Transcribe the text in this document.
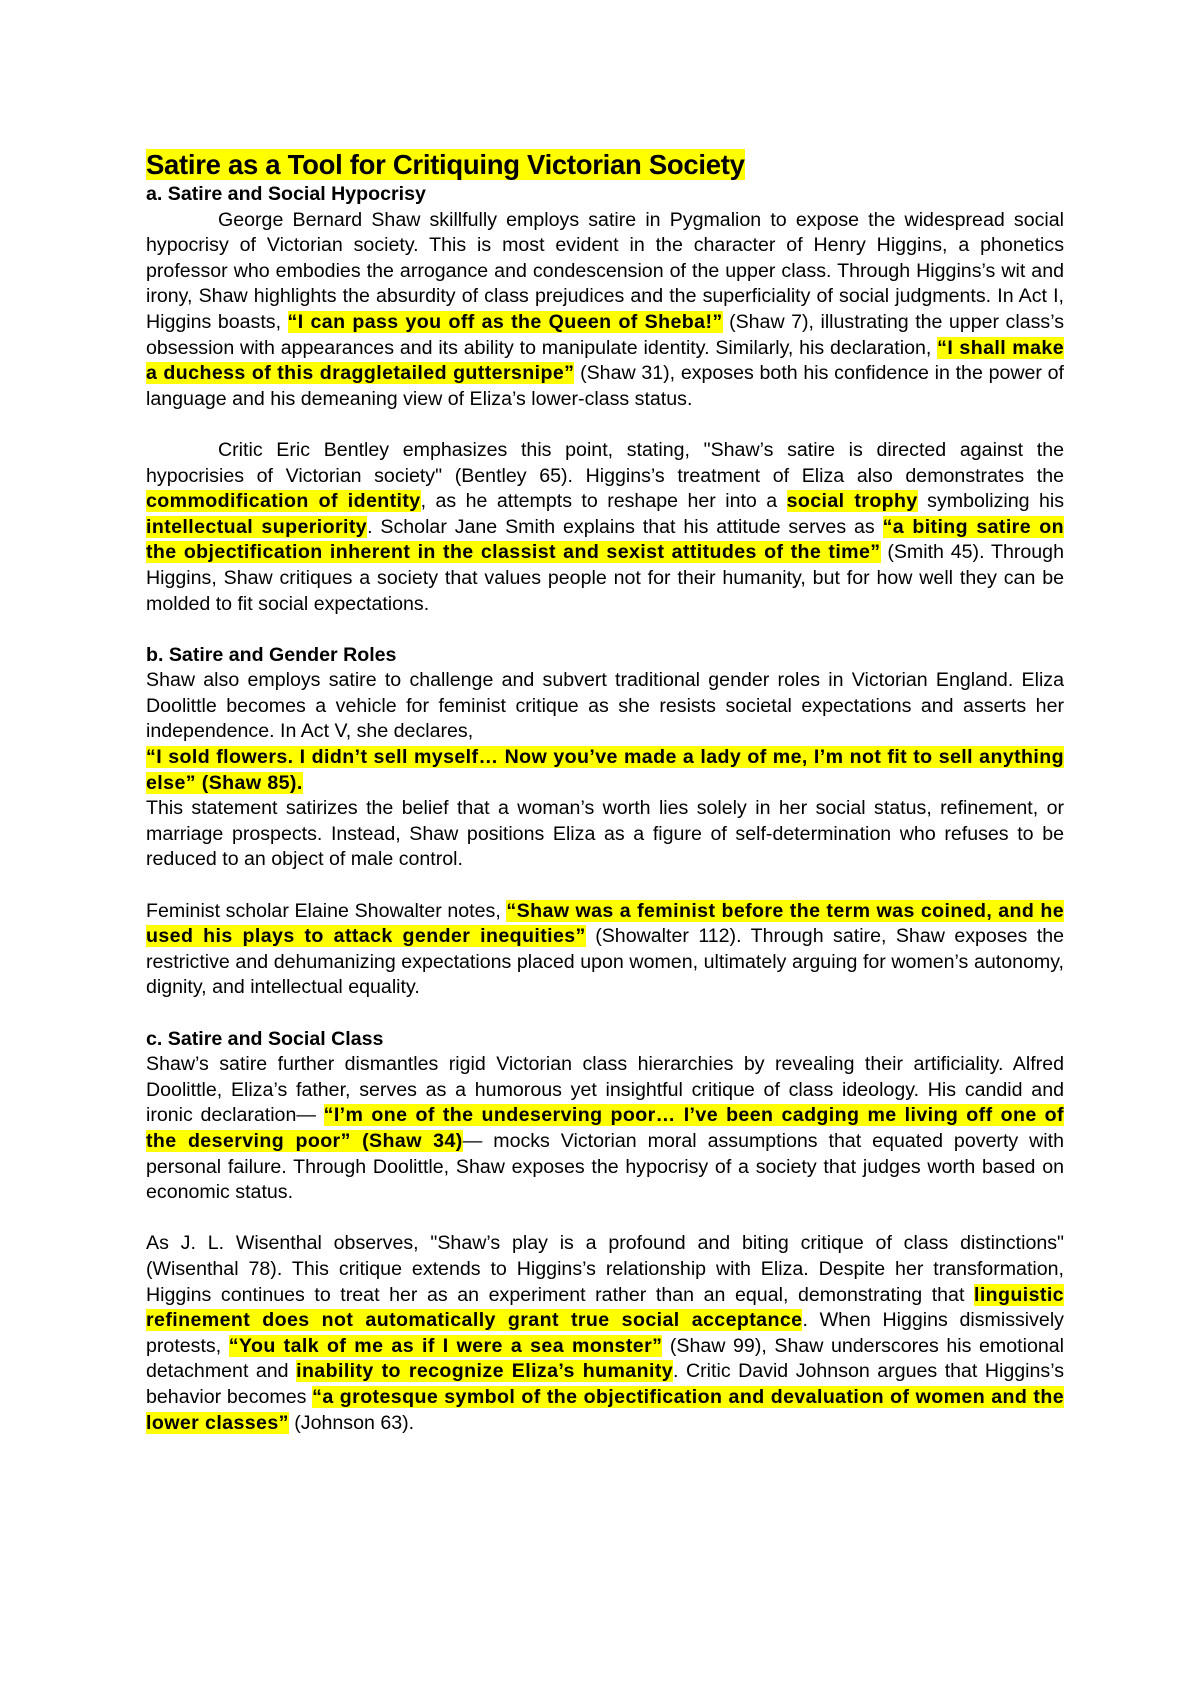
Satire as a Tool for Critiquing Victorian Society

a. Satire and Social Hypocrisy

George Bernard Shaw skillfully employs satire in Pygmalion to expose the widespread social hypocrisy of Victorian society. This is most evident in the character of Henry Higgins, a phonetics professor who embodies the arrogance and condescension of the upper class. Through Higgins’s wit and irony, Shaw highlights the absurdity of class prejudices and the superficiality of social judgments. In Act I, Higgins boasts, “I can pass you off as the Queen of Sheba!” (Shaw 7), illustrating the upper class’s obsession with appearances and its ability to manipulate identity. Similarly, his declaration, “I shall make a duchess of this draggletailed guttersnipe” (Shaw 31), exposes both his confidence in the power of language and his demeaning view of Eliza’s lower-class status.

Critic Eric Bentley emphasizes this point, stating, "Shaw’s satire is directed against the hypocrisies of Victorian society" (Bentley 65). Higgins’s treatment of Eliza also demonstrates the commodification of identity, as he attempts to reshape her into a social trophy symbolizing his intellectual superiority. Scholar Jane Smith explains that his attitude serves as “a biting satire on the objectification inherent in the classist and sexist attitudes of the time” (Smith 45). Through Higgins, Shaw critiques a society that values people not for their humanity, but for how well they can be molded to fit social expectations.

b. Satire and Gender Roles

Shaw also employs satire to challenge and subvert traditional gender roles in Victorian England. Eliza Doolittle becomes a vehicle for feminist critique as she resists societal expectations and asserts her independence. In Act V, she declares,

“I sold flowers. I didn’t sell myself… Now you’ve made a lady of me, I’m not fit to sell anything else” (Shaw 85).

This statement satirizes the belief that a woman’s worth lies solely in her social status, refinement, or marriage prospects. Instead, Shaw positions Eliza as a figure of self-determination who refuses to be reduced to an object of male control.

Feminist scholar Elaine Showalter notes, “Shaw was a feminist before the term was coined, and he used his plays to attack gender inequities” (Showalter 112). Through satire, Shaw exposes the restrictive and dehumanizing expectations placed upon women, ultimately arguing for women’s autonomy, dignity, and intellectual equality.

c. Satire and Social Class

Shaw’s satire further dismantles rigid Victorian class hierarchies by revealing their artificiality. Alfred Doolittle, Eliza’s father, serves as a humorous yet insightful critique of class ideology. His candid and ironic declaration— “I’m one of the undeserving poor… I’ve been cadging me living off one of the deserving poor” (Shaw 34)— mocks Victorian moral assumptions that equated poverty with personal failure. Through Doolittle, Shaw exposes the hypocrisy of a society that judges worth based on economic status.

As J. L. Wisenthal observes, "Shaw’s play is a profound and biting critique of class distinctions" (Wisenthal 78). This critique extends to Higgins’s relationship with Eliza. Despite her transformation, Higgins continues to treat her as an experiment rather than an equal, demonstrating that linguistic refinement does not automatically grant true social acceptance. When Higgins dismissively protests, “You talk of me as if I were a sea monster” (Shaw 99), Shaw underscores his emotional detachment and inability to recognize Eliza’s humanity. Critic David Johnson argues that Higgins’s behavior becomes “a grotesque symbol of the objectification and devaluation of women and the lower classes” (Johnson 63).
